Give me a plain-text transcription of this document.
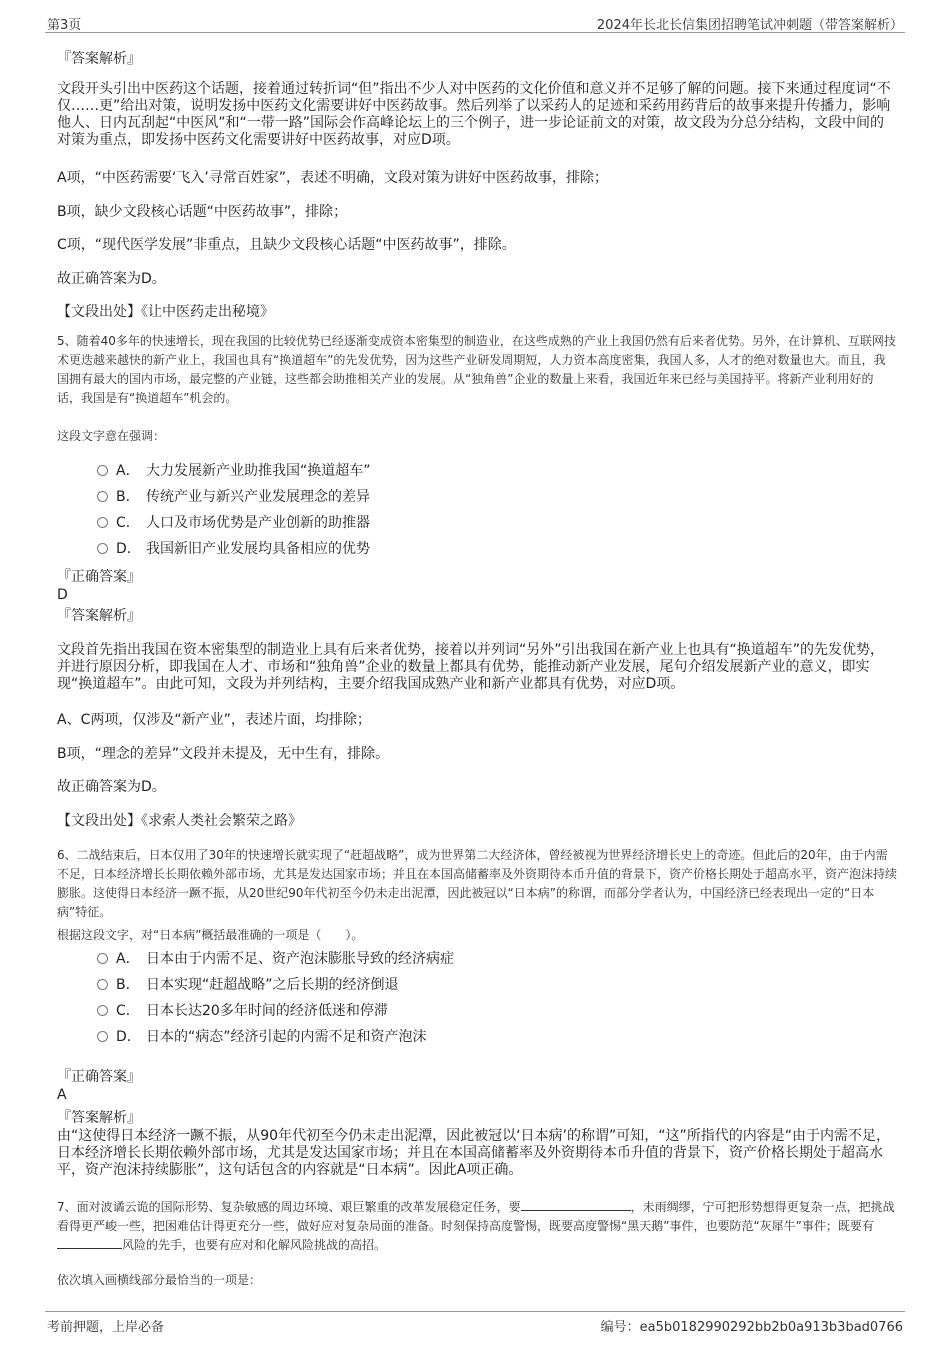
第3页	2024年长北长信集团招聘笔试冲刺题（带答案解析）
『答案解析』
文段开头引出中医药这个话题，接着通过转折词“但”指出不少人对中医药的文化价值和意义并不足够了解的问题。接下来通过程度词“不仅……更”给出对策，说明发扬中医药文化需要讲好中医药故事。然后列举了以采药人的足迹和采药用药背后的故事来提升传播力，影响他人、日内瓦刮起“中医风”和“一带一路”国际会作高峰论坛上的三个例子，进一步论证前文的对策，故文段为分总分结构，文段中间的对策为重点，即发扬中医药文化需要讲好中医药故事，对应D项。
A项，“中医药需要‘飞入’寻常百姓家”，表述不明确，文段对策为讲好中医药故事，排除；
B项，缺少文段核心话题“中医药故事”，排除；
C项，“现代医学发展”非重点，且缺少文段核心话题“中医药故事”，排除。
故正确答案为D。
【文段出处】《让中医药走出秘境》
5、随着40多年的快速增长，现在我国的比较优势已经逐渐变成资本密集型的制造业，在这些成熟的产业上我国仍然有后来者优势。另外，在计算机、互联网技术更迭越来越快的新产业上，我国也具有“换道超车”的先发优势，因为这些产业研发周期短，人力资本高度密集，我国人多，人才的绝对数量也大。而且，我国拥有最大的国内市场，最完整的产业链，这些都会助推相关产业的发展。从“独角兽”企业的数量上来看，我国近年来已经与美国持平。将新产业利用好的话，我国是有“换道超车”机会的。
这段文字意在强调：
A． 大力发展新产业助推我国“换道超车”
B． 传统产业与新兴产业发展理念的差异
C． 人口及市场优势是产业创新的助推器
D． 我国新旧产业发展均具备相应的优势
『正确答案』
D
『答案解析』
文段首先指出我国在资本密集型的制造业上具有后来者优势，接着以并列词“另外”引出我国在新产业上也具有“换道超车”的先发优势，并进行原因分析，即我国在人才、市场和“独角兽”企业的数量上都具有优势，能推动新产业发展，尾句介绍发展新产业的意义，即实现“换道超车”。由此可知，文段为并列结构，主要介绍我国成熟产业和新产业都具有优势，对应D项。
A、C两项，仅涉及“新产业”，表述片面，均排除；
B项，“理念的差异”文段并未提及，无中生有，排除。
故正确答案为D。
【文段出处】《求索人类社会繁荣之路》
6、二战结束后，日本仅用了30年的快速增长就实现了“赶超战略”，成为世界第二大经济体，曾经被视为世界经济增长史上的奇迹。但此后的20年，由于内需不足，日本经济增长长期依赖外部市场，尤其是发达国家市场；并且在本国高储蓄率及外资期待本币升值的背景下，资产价格长期处于超高水平，资产泡沫持续膨胀。这使得日本经济一蹶不振，从20世纪90年代初至今仍未走出泥潭，因此被冠以“日本病”的称谓，而部分学者认为，中国经济已经表现出一定的“日本病”特征。
根据这段文字，对“日本病”概括最准确的一项是（　　）。
A． 日本由于内需不足、资产泡沫膨胀导致的经济病症
B． 日本实现“赶超战略”之后长期的经济倒退
C． 日本长达20多年时间的经济低迷和停滞
D． 日本的“病态”经济引起的内需不足和资产泡沫
『正确答案』
A
『答案解析』
由“这使得日本经济一蹶不振，从90年代初至今仍未走出泥潭，因此被冠以‘日本病’的称谓”可知，“这”所指代的内容是“由于内需不足，日本经济增长长期依赖外部市场，尤其是发达国家市场；并且在本国高储蓄率及外资期待本币升值的背景下，资产价格长期处于超高水平，资产泡沫持续膨胀”，这句话包含的内容就是“日本病”。因此A项正确。
7、面对波谲云诡的国际形势、复杂敏感的周边环境、艰巨繁重的改革发展稳定任务，要	，未雨绸缪，宁可把形势想得更复杂一点，把挑战看得更严峻一些，把困难估计得更充分一些，做好应对复杂局面的准备。时刻保持高度警惕，既要高度警惕“黑天鹅”事件，也要防范“灰犀牛”事件；既要有风险的先手，也要有应对和化解风险挑战的高招。
依次填入画横线部分最恰当的一项是：
考前押题，上岸必备	编号：ea5b0182990292bb2b0a913b3bad0766
